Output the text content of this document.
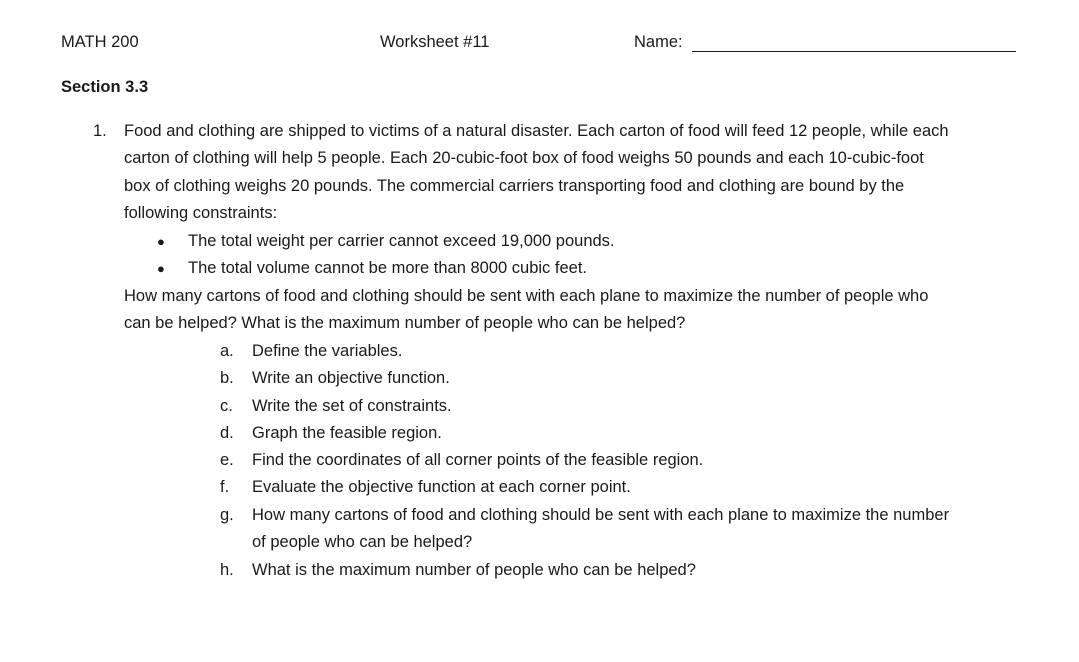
MATH 200	Worksheet #11	Name:
Section 3.3
1. Food and clothing are shipped to victims of a natural disaster. Each carton of food will feed 12 people, while each
carton of clothing will help 5 people. Each 20-cubic-foot box of food weighs 50 pounds and each 10-cubic-foot
box of clothing weighs 20 pounds. The commercial carriers transporting food and clothing are bound by the
following constraints:
● The total weight per carrier cannot exceed 19,000 pounds.
● The total volume cannot be more than 8000 cubic feet.
How many cartons of food and clothing should be sent with each plane to maximize the number of people who
can be helped? What is the maximum number of people who can be helped?
a. Define the variables.
b. Write an objective function.
c. Write the set of constraints.
d. Graph the feasible region.
e. Find the coordinates of all corner points of the feasible region.
f. Evaluate the objective function at each corner point.
g. How many cartons of food and clothing should be sent with each plane to maximize the number
of people who can be helped?
h. What is the maximum number of people who can be helped?
